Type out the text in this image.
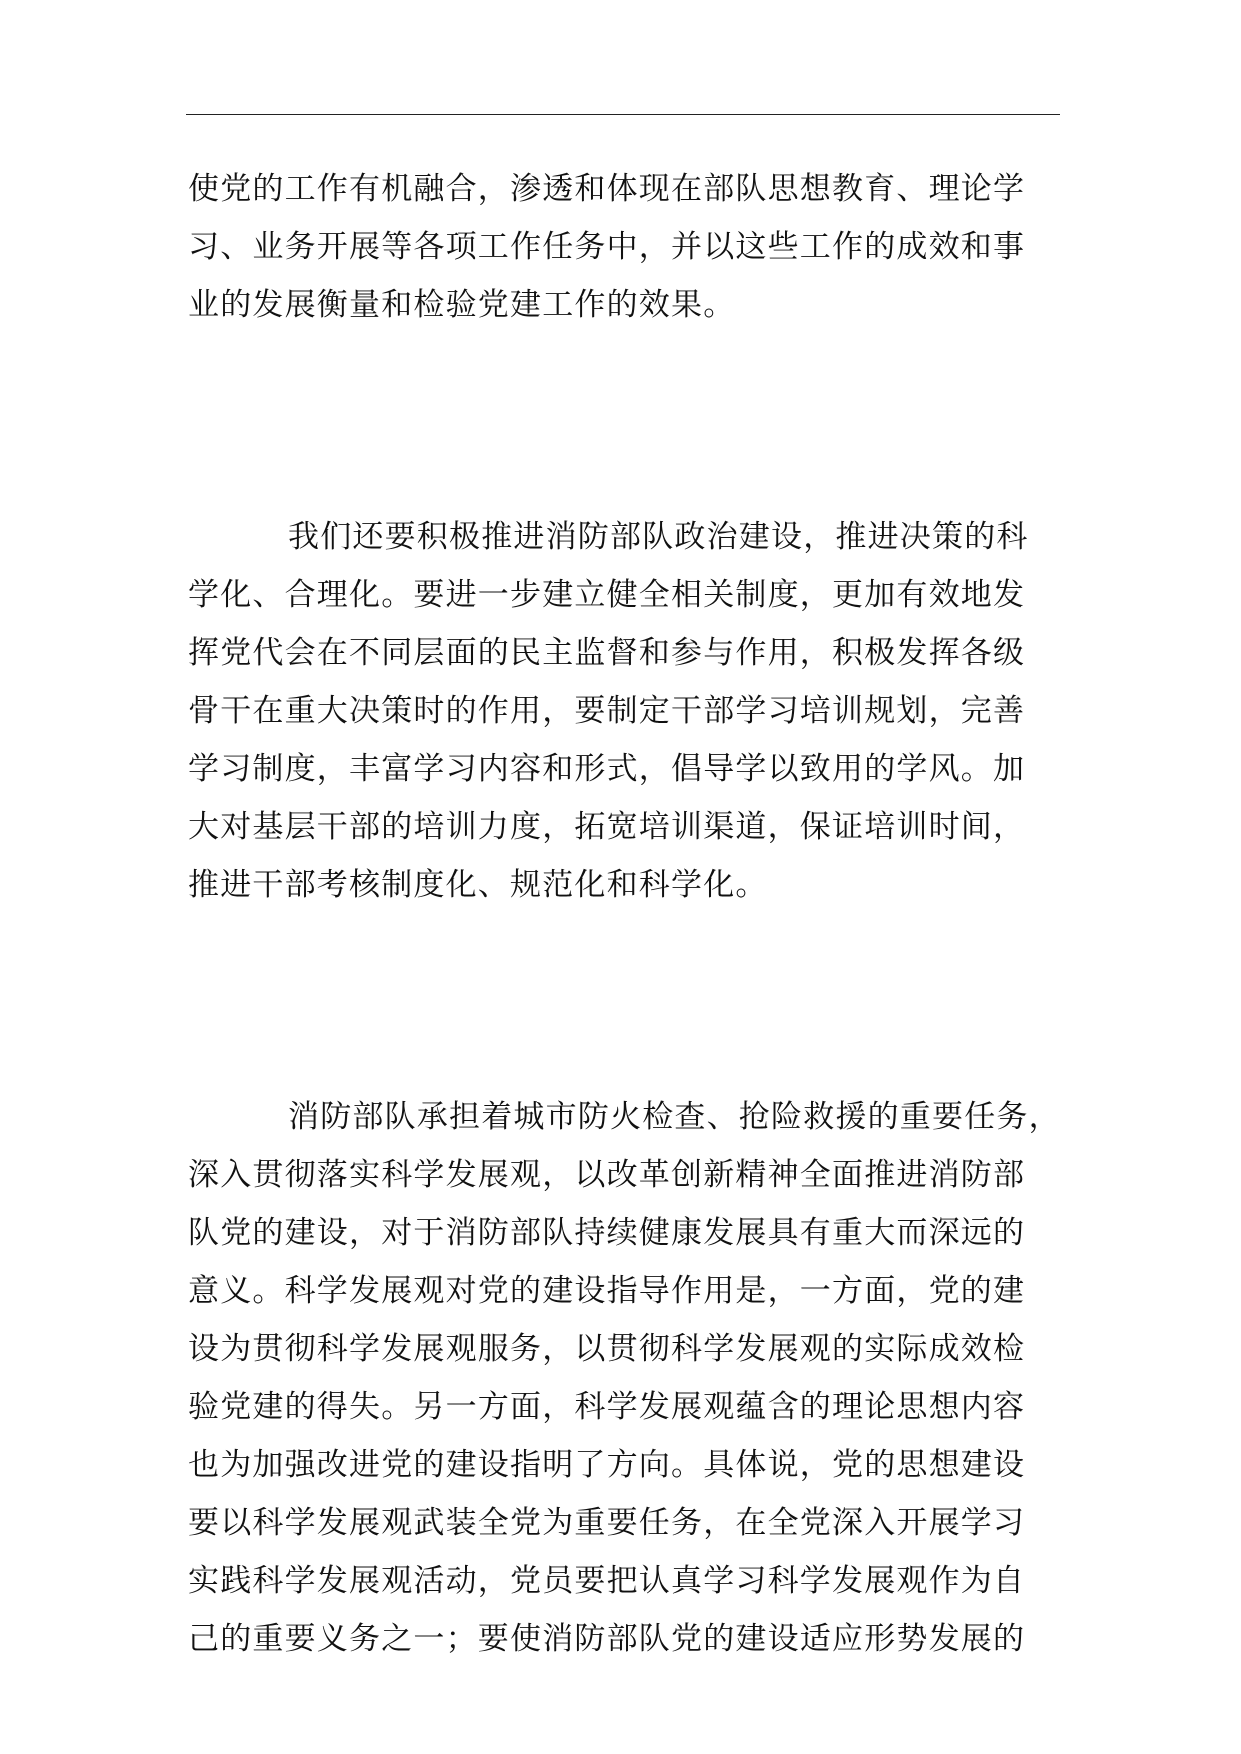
使党的工作有机融合，渗透和体现在部队思想教育、理论学
习、业务开展等各项工作任务中，并以这些工作的成效和事
业的发展衡量和检验党建工作的效果。

我们还要积极推进消防部队政治建设，推进决策的科
学化、合理化。要进一步建立健全相关制度，更加有效地发
挥党代会在不同层面的民主监督和参与作用，积极发挥各级
骨干在重大决策时的作用，要制定干部学习培训规划，完善
学习制度，丰富学习内容和形式，倡导学以致用的学风。加
大对基层干部的培训力度，拓宽培训渠道，保证培训时间，
推进干部考核制度化、规范化和科学化。

消防部队承担着城市防火检查、抢险救援的重要任务，
深入贯彻落实科学发展观，以改革创新精神全面推进消防部
队党的建设，对于消防部队持续健康发展具有重大而深远的
意义。科学发展观对党的建设指导作用是，一方面，党的建
设为贯彻科学发展观服务，以贯彻科学发展观的实际成效检
验党建的得失。另一方面，科学发展观蕴含的理论思想内容
也为加强改进党的建设指明了方向。具体说，党的思想建设
要以科学发展观武装全党为重要任务，在全党深入开展学习
实践科学发展观活动，党员要把认真学习科学发展观作为自
己的重要义务之一；要使消防部队党的建设适应形势发展的
